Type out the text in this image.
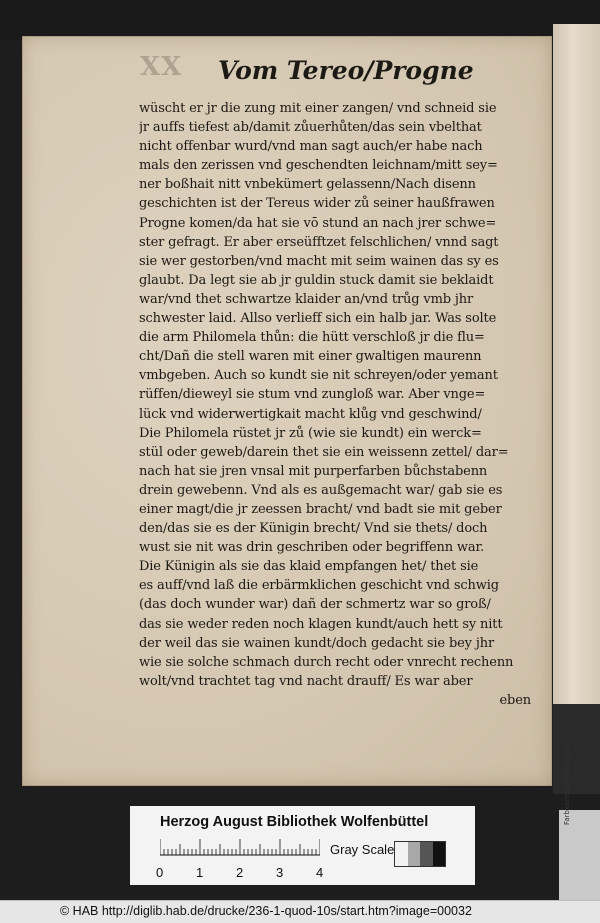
Farbkarte Wolfenbüttel
XX Vom Tereo/Progne
wüscht er jr die zung mit einer zangen/ vnd schneid sie
jr auffs tiefest ab/damit zůuerhůten/das sein vbelthat
nicht offenbar wurd/vnd man sagt auch/er habe nach
mals den zerissen vnd geschendten leichnam/mitt sey=
ner boßhait nitt vnbekümert gelassenn/Nach disenn
geschichten ist der Tereus wider zů seiner haußfrawen
Progne komen/da hat sie vō stund an nach jrer schwe=
ster gefragt. Er aber erseüfftzet felschlichen/ vnnd sagt
sie wer gestorben/vnd macht mit seim wainen das sy es
glaubt. Da legt sie ab jr guldin stuck damit sie beklaidt
war/vnd thet schwartze klaider an/vnd trůg vmb jhr
schwester laid. Allso verlieff sich ein halb jar. Was solte
die arm Philomela thůn: die hütt verschloß jr die flu=
cht/Dañ die stell waren mit einer gwaltigen maurenn
vmbgeben. Auch so kundt sie nit schreyen/oder yemant
rüffen/dieweyl sie stum vnd zungloß war. Aber vnge=
lück vnd widerwertigkait macht klůg vnd geschwind/
Die Philomela rüstet jr zů (wie sie kundt) ein werck=
stül oder geweb/darein thet sie ein weissenn zettel/ dar=
nach hat sie jren vnsal mit purperfarben bůchstabenn
drein gewebenn. Vnd als es außgemacht war/ gab sie es
einer magt/die jr zeessen bracht/ vnd badt sie mit geber
den/das sie es der Künigin brecht/ Vnd sie thets/ doch
wust sie nit was drin geschriben oder begriffenn war.
Die Künigin als sie das klaid empfangen het/ thet sie
es auff/vnd laß die erbärmklichen geschicht vnd schwig
(das doch wunder war) dañ der schmertz war so groß/
das sie weder reden noch klagen kundt/auch hett sy nitt
der weil das sie wainen kundt/doch gedacht sie bey jhr
wie sie solche schmach durch recht oder vnrecht rechenn
wolt/vnd trachtet tag vnd nacht drauff/ Es war aber
eben
Herzog August Bibliothek Wolfenbüttel
0	1	2	3	4
Gray Scale
© HAB http://diglib.hab.de/drucke/236-1-quod-10s/start.htm?image=00032
